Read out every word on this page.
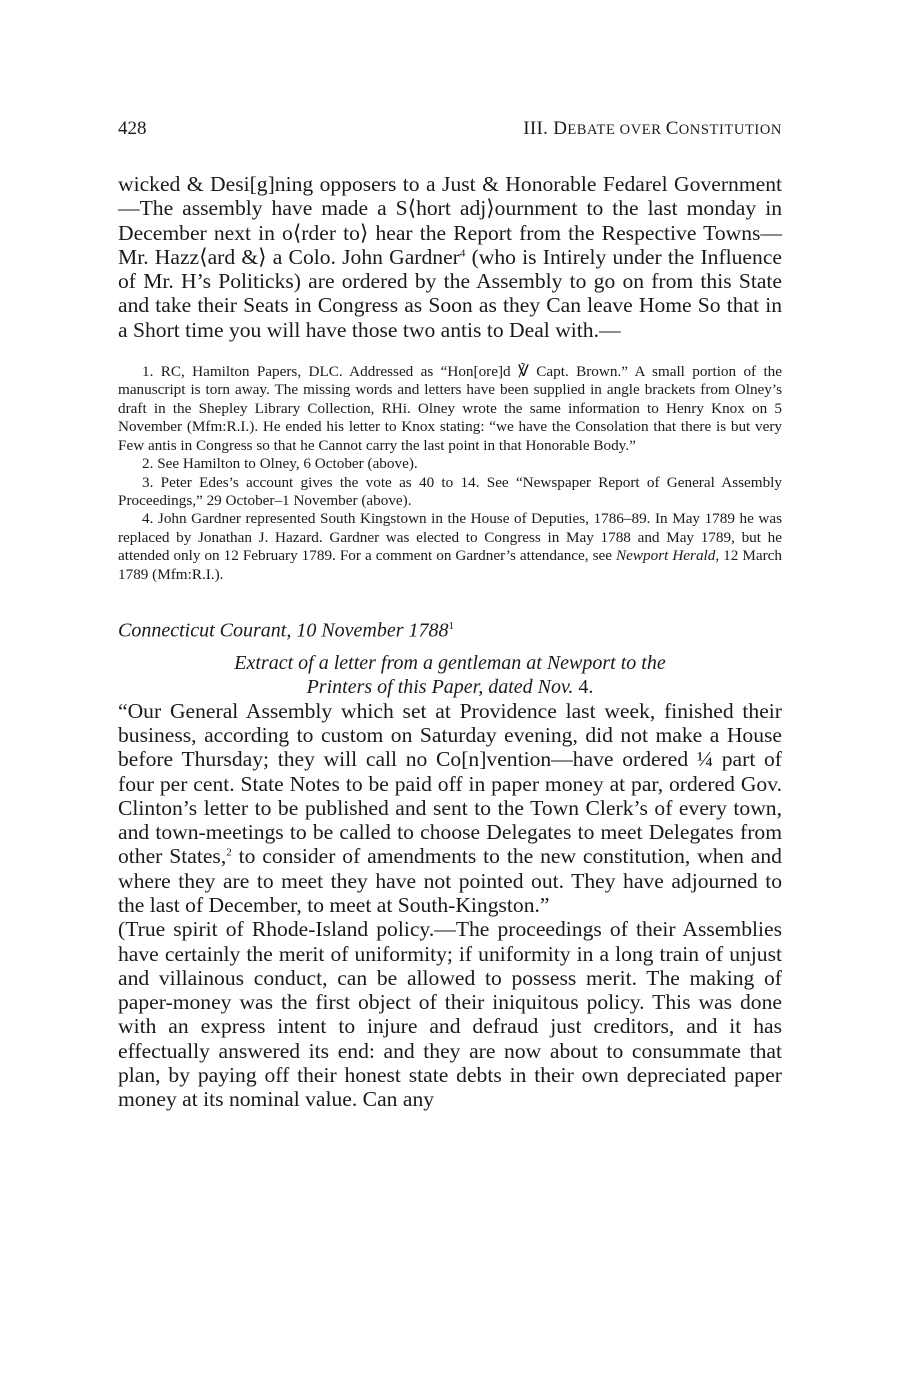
428	III. DEBATE OVER CONSTITUTION

wicked & Desi[g]ning opposers to a Just & Honorable Fedarel Government—The assembly have made a S⟨hort adj⟩ournment to the last monday in December next in o⟨rder to⟩ hear the Report from the Respective Towns—Mr. Hazz⟨ard &⟩ a Colo. John Gardner$^4$ (who is Intirely under the Influence of Mr. H’s Politicks) are ordered by the Assembly to go on from this State and take their Seats in Congress as Soon as they Can leave Home So that in a Short time you will have those two antis to Deal with.—

1. RC, Hamilton Papers, DLC. Addressed as “Hon[ore]d ℣ Capt. Brown.” A small portion of the manuscript is torn away. The missing words and letters have been supplied in angle brackets from Olney’s draft in the Shepley Library Collection, RHi. Olney wrote the same information to Henry Knox on 5 November (Mfm:R.I.). He ended his letter to Knox stating: “we have the Consolation that there is but very Few antis in Congress so that he Cannot carry the last point in that Honorable Body.”

2. See Hamilton to Olney, 6 October (above).

3. Peter Edes’s account gives the vote as 40 to 14. See “Newspaper Report of General Assembly Proceedings,” 29 October–1 November (above).

4. John Gardner represented South Kingstown in the House of Deputies, 1786–89. In May 1789 he was replaced by Jonathan J. Hazard. Gardner was elected to Congress in May 1788 and May 1789, but he attended only on 12 February 1789. For a comment on Gardner’s attendance, see Newport Herald, 12 March 1789 (Mfm:R.I.).

Connecticut Courant, 10 November 1788$^1$
Extract of a letter from a gentleman at Newport to the
Printers of this Paper, dated Nov. 4.

“Our General Assembly which set at Providence last week, finished their business, according to custom on Saturday evening, did not make a House before Thursday; they will call no Co[n]vention—have ordered ¼ part of four per cent. State Notes to be paid off in paper money at par, ordered Gov. Clinton’s letter to be published and sent to the Town Clerk’s of every town, and town-meetings to be called to choose Delegates to meet Delegates from other States,$^2$ to consider of amendments to the new constitution, when and where they are to meet they have not pointed out. They have adjourned to the last of December, to meet at South-Kingston.”

(True spirit of Rhode-Island policy.—The proceedings of their Assemblies have certainly the merit of uniformity; if uniformity in a long train of unjust and villainous conduct, can be allowed to possess merit. The making of paper-money was the first object of their iniquitous policy. This was done with an express intent to injure and defraud just creditors, and it has effectually answered its end: and they are now about to consummate that plan, by paying off their honest state debts in their own depreciated paper money at its nominal value. Can any
